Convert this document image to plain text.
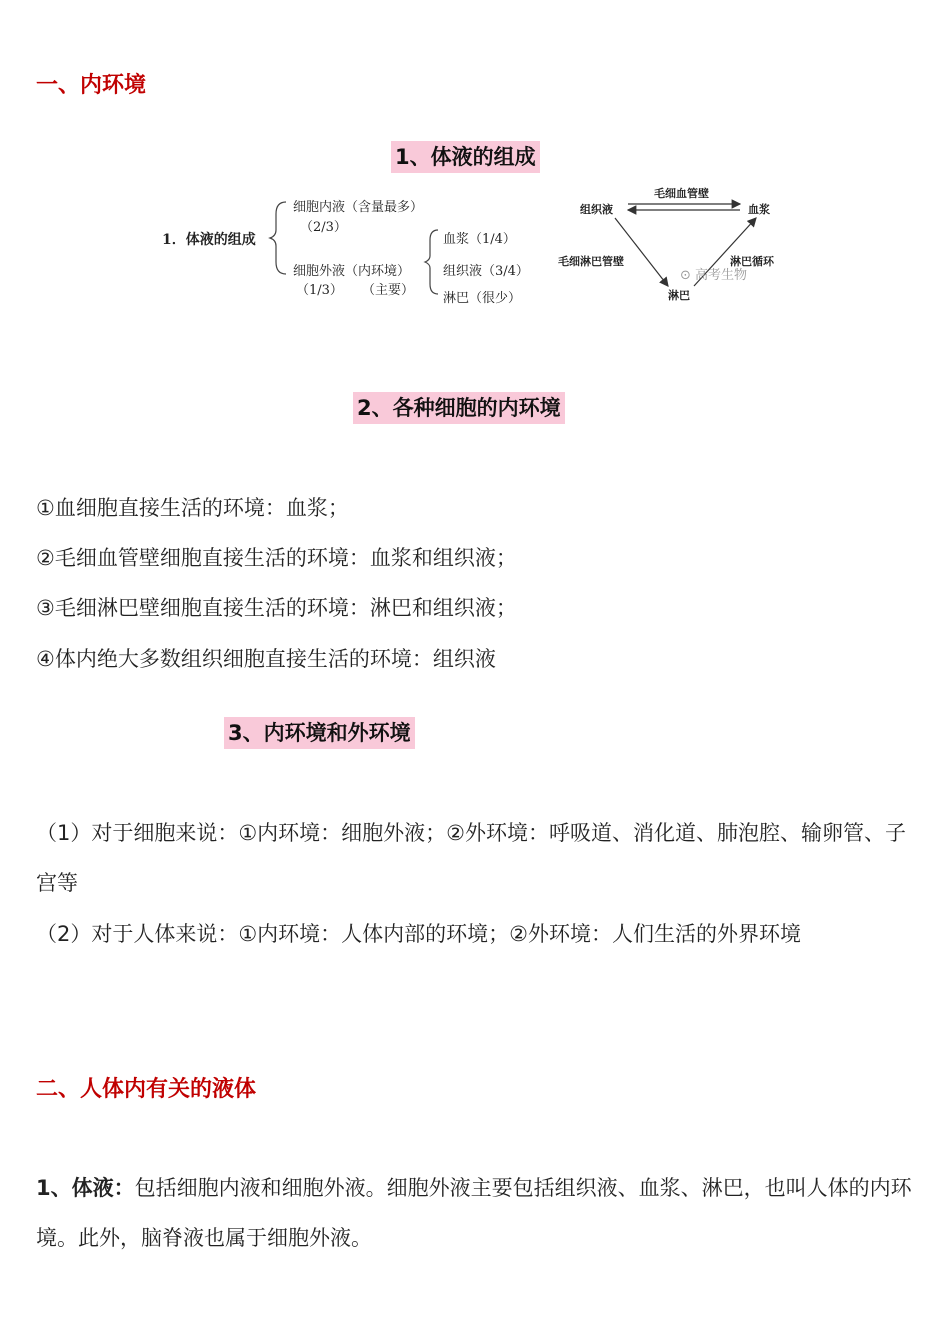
一、内环境
1、体液的组成
1．体液的组成
细胞内液（含量最多）
（2/3）
细胞外液（内环境）
（1/3） （主要）
血浆（1/4）
组织液（3/4）
淋巴（很少）
组织液	血浆
淋巴
毛细血管壁
毛细淋巴管壁	淋巴循环
⊙ 高考生物
2、各种细胞的内环境
①血细胞直接生活的环境：血浆；
②毛细血管壁细胞直接生活的环境：血浆和组织液；
③毛细淋巴壁细胞直接生活的环境：淋巴和组织液；
④体内绝大多数组织细胞直接生活的环境：组织液
3、内环境和外环境
（1）对于细胞来说：①内环境：细胞外液；②外环境：呼吸道、消化道、肺泡腔、输卵管、子宫等
（2）对于人体来说：①内环境：人体内部的环境；②外环境：人们生活的外界环境
二、人体内有关的液体
1、体液：包括细胞内液和细胞外液。细胞外液主要包括组织液、血浆、淋巴，也叫人体的内环境。此外，脑脊液也属于细胞外液。
